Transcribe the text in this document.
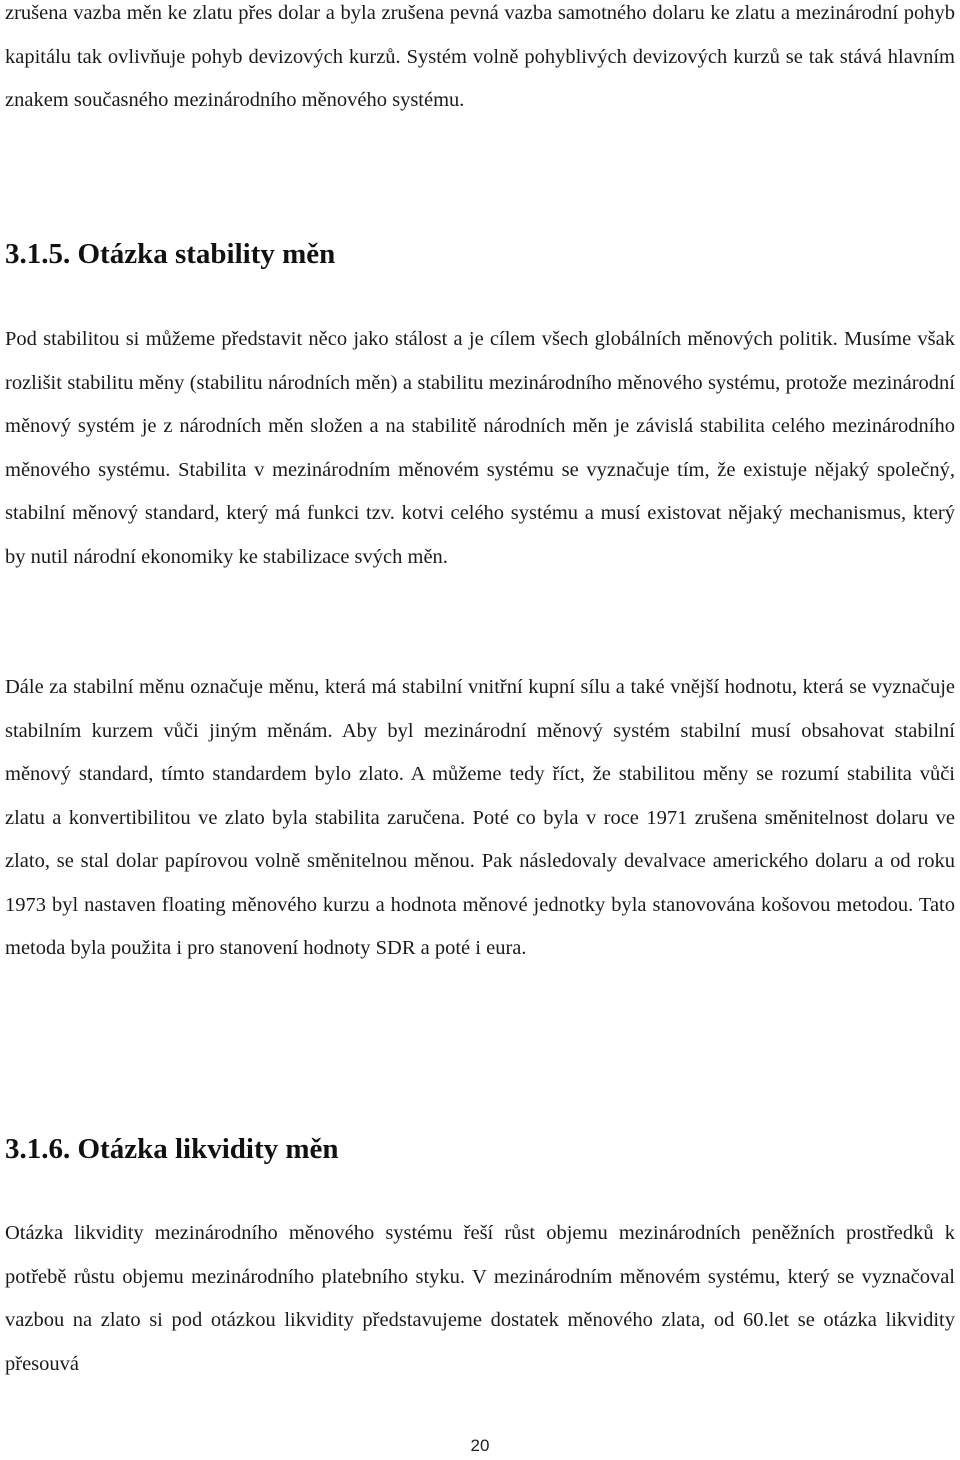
zrušena vazba měn ke zlatu přes dolar a byla zrušena pevná vazba samotného dolaru ke zlatu a mezinárodní pohyb kapitálu tak ovlivňuje pohyb devizových kurzů. Systém volně pohyblivých devizových kurzů se tak stává hlavním znakem současného mezinárodního měnového systému.

3.1.5. Otázka stability měn

Pod stabilitou si můžeme představit něco jako stálost a je cílem všech globálních měnových politik. Musíme však rozlišit stabilitu měny (stabilitu národních měn) a stabilitu mezinárodního měnového systému, protože mezinárodní měnový systém je z národních měn složen a na stabilitě národních měn je závislá stabilita celého mezinárodního měnového systému. Stabilita v mezinárodním měnovém systému se vyznačuje tím, že existuje nějaký společný, stabilní měnový standard, který má funkci tzv. kotvi celého systému a musí existovat nějaký mechanismus, který by nutil národní ekonomiky ke stabilizace svých měn.

Dále za stabilní měnu označuje měnu, která má stabilní vnitřní kupní sílu a také vnější hodnotu, která se vyznačuje stabilním kurzem vůči jiným měnám. Aby byl mezinárodní měnový systém stabilní musí obsahovat stabilní měnový standard, tímto standardem bylo zlato. A můžeme tedy říct, že stabilitou měny se rozumí stabilita vůči zlatu a konvertibilitou ve zlato byla stabilita zaručena. Poté co byla v roce 1971 zrušena směnitelnost dolaru ve zlato, se stal dolar papírovou volně směnitelnou měnou. Pak následovaly devalvace amerického dolaru a od roku 1973 byl nastaven floating měnového kurzu a hodnota měnové jednotky byla stanovována košovou metodou. Tato metoda byla použita i pro stanovení hodnoty SDR a poté i eura.

3.1.6. Otázka likvidity měn

Otázka likvidity mezinárodního měnového systému řeší růst objemu mezinárodních peněžních prostředků k potřebě růstu objemu mezinárodního platebního styku. V mezinárodním měnovém systému, který se vyznačoval vazbou na zlato si pod otázkou likvidity představujeme dostatek měnového zlata, od 60.let se otázka likvidity přesouvá

20
